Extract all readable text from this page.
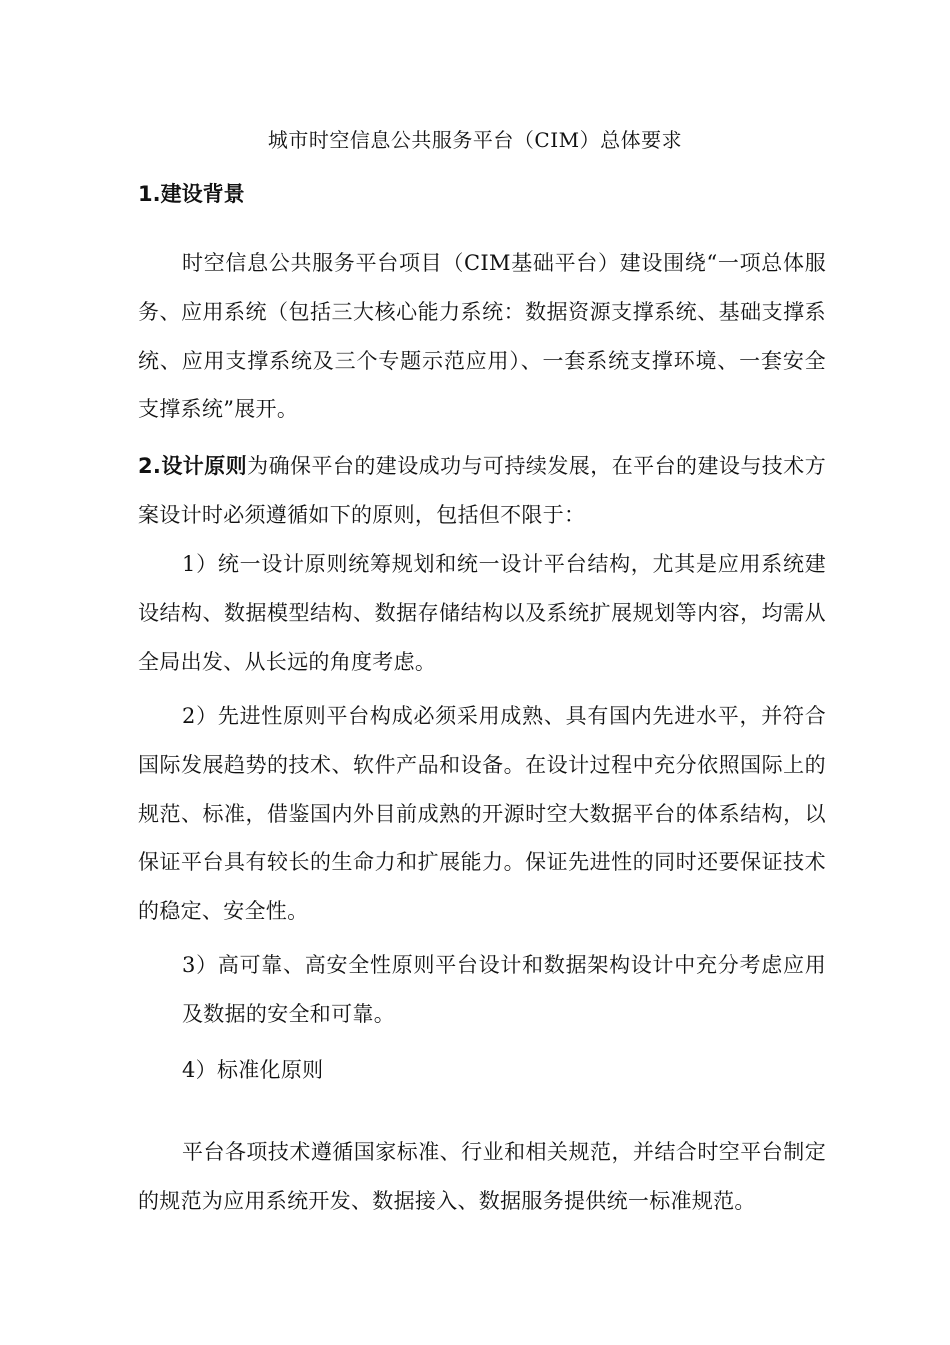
城市时空信息公共服务平台（CIM）总体要求
1.建设背景

时空信息公共服务平台项目（CIM基础平台）建设围绕“一项总体服务、应用系统（包括三大核心能力系统：数据资源支撑系统、基础支撑系统、应用支撑系统及三个专题示范应用）、一套系统支撑环境、一套安全支撑系统”展开。

2.设计原则为确保平台的建设成功与可持续发展，在平台的建设与技术方案设计时必须遵循如下的原则，包括但不限于：

1）统一设计原则统筹规划和统一设计平台结构，尤其是应用系统建设结构、数据模型结构、数据存储结构以及系统扩展规划等内容，均需从全局出发、从长远的角度考虑。

2）先进性原则平台构成必须采用成熟、具有国内先进水平，并符合国际发展趋势的技术、软件产品和设备。在设计过程中充分依照国际上的规范、标准，借鉴国内外目前成熟的开源时空大数据平台的体系结构，以保证平台具有较长的生命力和扩展能力。保证先进性的同时还要保证技术的稳定、安全性。

3）高可靠、高安全性原则平台设计和数据架构设计中充分考虑应用及数据的安全和可靠。

4）标准化原则

平台各项技术遵循国家标准、行业和相关规范，并结合时空平台制定的规范为应用系统开发、数据接入、数据服务提供统一标准规范。
